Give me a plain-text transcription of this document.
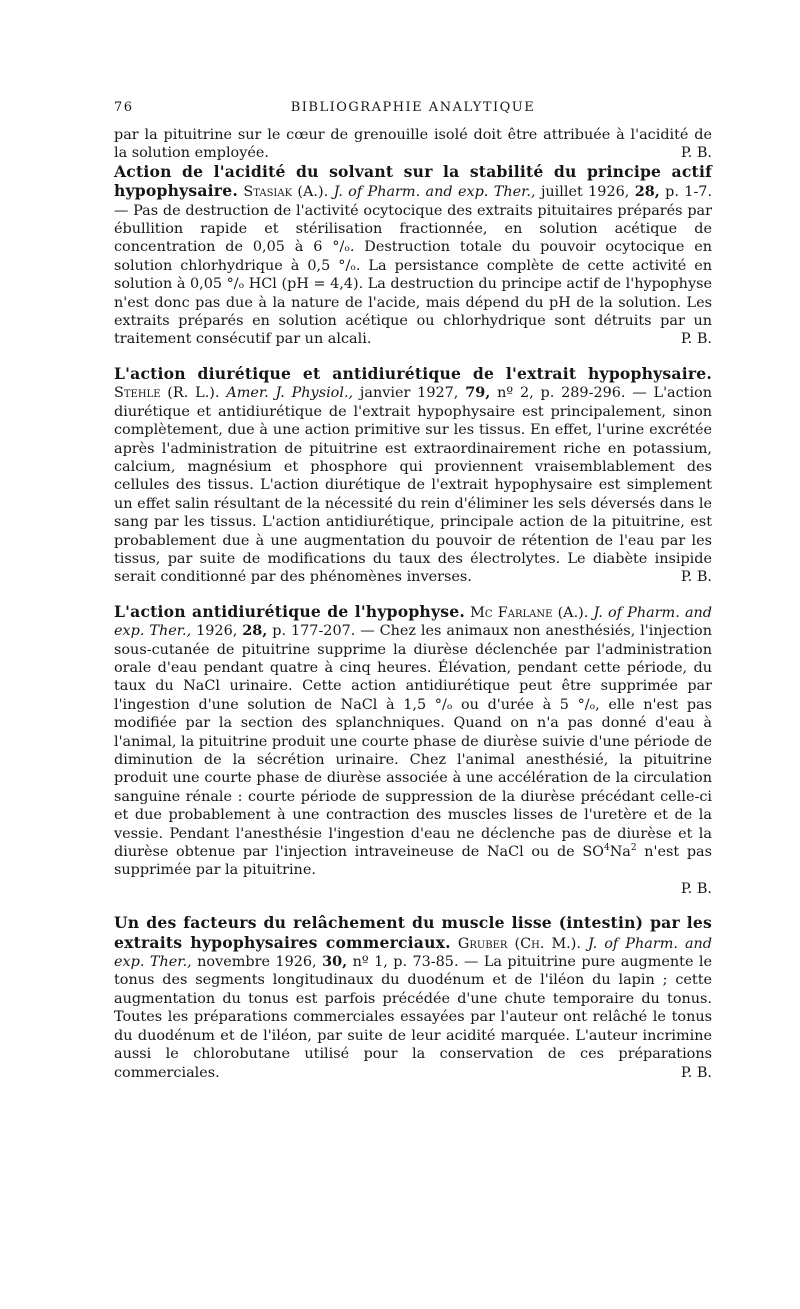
76	BIBLIOGRAPHIE ANALYTIQUE

par la pituitrine sur le cœur de grenouille isolé doit être attribuée à l'acidité de la solution employée.	P. B.

Action de l'acidité du solvant sur la stabilité du principe actif hypophysaire. Stasiak (A.). J. of Pharm. and exp. Ther., juillet 1926, 28, p. 1-7. — Pas de destruction de l'activité ocytocique des extraits pituitaires préparés par ébullition rapide et stérilisation fractionnée, en solution acétique de concentration de 0,05 à 6 °/ₒ. Destruction totale du pouvoir ocytocique en solution chlorhydrique à 0,5 °/ₒ. La persistance complète de cette activité en solution à 0,05 °/ₒ HCl (pH = 4,4). La destruction du principe actif de l'hypophyse n'est donc pas due à la nature de l'acide, mais dépend du pH de la solution. Les extraits préparés en solution acétique ou chlorhydrique sont détruits par un traitement consécutif par un alcali.	P. B.

L'action diurétique et antidiurétique de l'extrait hypophysaire. Stehle (R. L.). Amer. J. Physiol., janvier 1927, 79, nº 2, p. 289-296. — L'action diurétique et antidiurétique de l'extrait hypophysaire est principalement, sinon complètement, due à une action primitive sur les tissus. En effet, l'urine excrétée après l'administration de pituitrine est extraordinairement riche en potassium, calcium, magnésium et phosphore qui proviennent vraisemblablement des cellules des tissus. L'action diurétique de l'extrait hypophysaire est simplement un effet salin résultant de la nécessité du rein d'éliminer les sels déversés dans le sang par les tissus. L'action antidiurétique, principale action de la pituitrine, est probablement due à une augmentation du pouvoir de rétention de l'eau par les tissus, par suite de modifications du taux des électrolytes. Le diabète insipide serait conditionné par des phénomènes inverses.	P. B.

L'action antidiurétique de l'hypophyse. Mc Farlane (A.). J. of Pharm. and exp. Ther., 1926, 28, p. 177-207. — Chez les animaux non anesthésiés, l'injection sous-cutanée de pituitrine supprime la diurèse déclenchée par l'administration orale d'eau pendant quatre à cinq heures. Élévation, pendant cette période, du taux du NaCl urinaire. Cette action antidiurétique peut être supprimée par l'ingestion d'une solution de NaCl à 1,5 °/ₒ ou d'urée à 5 °/ₒ, elle n'est pas modifiée par la section des splanchniques. Quand on n'a pas donné d'eau à l'animal, la pituitrine produit une courte phase de diurèse suivie d'une période de diminution de la sécrétion urinaire. Chez l'animal anesthésié, la pituitrine produit une courte phase de diurèse associée à une accélération de la circulation sanguine rénale : courte période de suppression de la diurèse précédant celle-ci et due probablement à une contraction des muscles lisses de l'uretère et de la vessie. Pendant l'anesthésie l'ingestion d'eau ne déclenche pas de diurèse et la diurèse obtenue par l'injection intraveineuse de NaCl ou de $SO^4Na^2$ n'est pas supprimée par la pituitrine.

P. B.

Un des facteurs du relâchement du muscle lisse (intestin) par les extraits hypophysaires commerciaux. Gruber (Ch. M.). J. of Pharm. and exp. Ther., novembre 1926, 30, nº 1, p. 73-85. — La pituitrine pure augmente le tonus des segments longitudinaux du duodénum et de l'iléon du lapin ; cette augmentation du tonus est parfois précédée d'une chute temporaire du tonus. Toutes les préparations commerciales essayées par l'auteur ont relâché le tonus du duodénum et de l'iléon, par suite de leur acidité marquée. L'auteur incrimine aussi le chlorobutane utilisé pour la conservation de ces préparations commerciales.	P. B.
